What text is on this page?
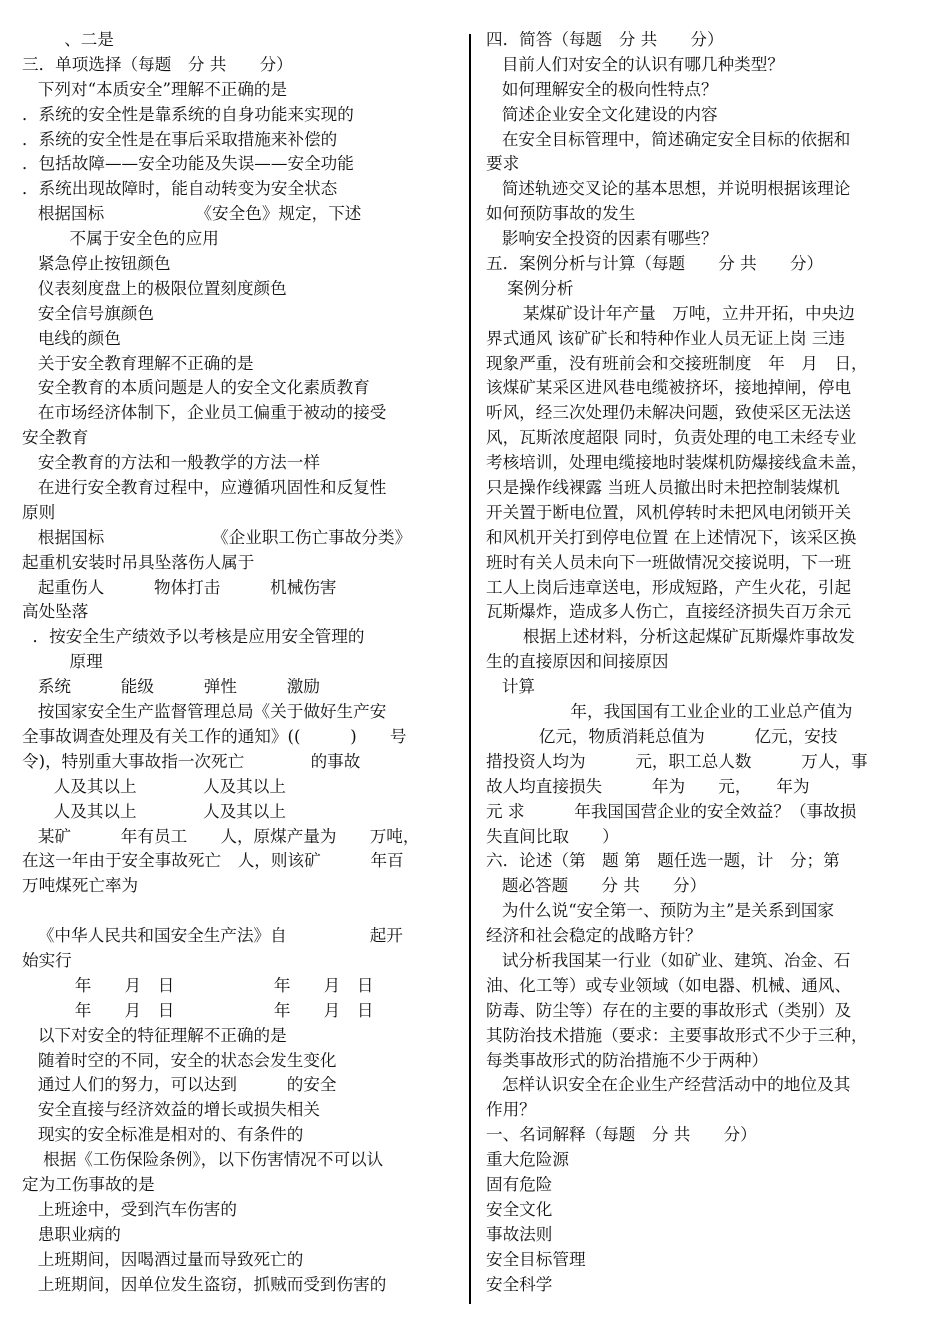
、二是
三．单项选择（每题　分 共　　分）
下列对“本质安全”理解不正确的是
．系统的安全性是靠系统的自身功能来实现的
．系统的安全性是在事后采取措施来补偿的
．包括故障——安全功能及失误——安全功能
．系统出现故障时，能自动转变为安全状态
根据国标　　　　　　《安全色》规定，下述
不属于安全色的应用
紧急停止按钮颜色
仪表刻度盘上的极限位置刻度颜色
安全信号旗颜色
电线的颜色
关于安全教育理解不正确的是
安全教育的本质问题是人的安全文化素质教育
在市场经济体制下，企业员工偏重于被动的接受
安全教育
安全教育的方法和一般教学的方法一样
在进行安全教育过程中，应遵循巩固性和反复性
原则
根据国标　　　　　　　《企业职工伤亡事故分类》
起重机安装时吊具坠落伤人属于
起重伤人　　　物体打击　　　机械伤害
高处坠落
．按安全生产绩效予以考核是应用安全管理的
原理
系统　　　能级　　　弹性　　　激励
按国家安全生产监督管理总局《关于做好生产安
全事故调查处理及有关工作的通知》((　　　)　　号
令)，特别重大事故指一次死亡　　　　的事故
人及其以上　　　　人及其以上
人及其以上　　　　人及其以上
某矿　　　年有员工　　人，原煤产量为　　万吨，
在这一年由于安全事故死亡　人，则该矿　　　年百
万吨煤死亡率为
《中华人民共和国安全生产法》自　　　　　起开
始实行
年　　月　日　　　　　　年　　月　日
年　　月　日　　　　　　年　　月　日
以下对安全的特征理解不正确的是
随着时空的不同，安全的状态会发生变化
通过人们的努力，可以达到　　　的安全
安全直接与经济效益的增长或损失相关
现实的安全标准是相对的、有条件的
根据《工伤保险条例》，以下伤害情况不可以认
定为工伤事故的是
上班途中，受到汽车伤害的
患职业病的
上班期间，因喝酒过量而导致死亡的
上班期间，因单位发生盗窃，抓贼而受到伤害的
四．简答（每题　分 共　　分）
目前人们对安全的认识有哪几种类型？
如何理解安全的极向性特点？
简述企业安全文化建设的内容
在安全目标管理中，简述确定安全目标的依据和
要求
简述轨迹交叉论的基本思想，并说明根据该理论
如何预防事故的发生
影响安全投资的因素有哪些？
五．案例分析与计算（每题　　分 共　　分）
案例分析
某煤矿设计年产量　万吨，立井开拓，中央边
界式通风 该矿矿长和特种作业人员无证上岗 三违
现象严重，没有班前会和交接班制度　年　月　日，
该煤矿某采区进风巷电缆被挤坏，接地掉闸，停电
听风，经三次处理仍未解决问题，致使采区无法送
风，瓦斯浓度超限 同时，负责处理的电工未经专业
考核培训，处理电缆接地时装煤机防爆接线盒未盖，
只是操作线裸露 当班人员撤出时未把控制装煤机
开关置于断电位置，风机停转时未把风电闭锁开关
和风机开关打到停电位置 在上述情况下，该采区换
班时有关人员未向下一班做情况交接说明，下一班
工人上岗后违章送电，形成短路，产生火花，引起
瓦斯爆炸，造成多人伤亡，直接经济损失百万余元
根据上述材料，分析这起煤矿瓦斯爆炸事故发
生的直接原因和间接原因
计算
年，我国国有工业企业的工业总产值为
亿元，物质消耗总值为　　　亿元，安技
措投资人均为　　　元，职工总人数　　　万人，事
故人均直接损失　　　年为　　元，　　年为
元 求　　　年我国国营企业的安全效益？（事故损
失直间比取　　）
六．论述（第　题 第　题任选一题，计　分；第
题必答题　　分 共　　分）
为什么说“安全第一、预防为主”是关系到国家
经济和社会稳定的战略方针？
试分析我国某一行业（如矿业、建筑、冶金、石
油、化工等）或专业领域（如电器、机械、通风、
防毒、防尘等）存在的主要的事故形式（类别）及
其防治技术措施（要求：主要事故形式不少于三种，
每类事故形式的防治措施不少于两种）
怎样认识安全在企业生产经营活动中的地位及其
作用？
一、名词解释（每题　分 共　　分）
重大危险源
固有危险
安全文化
事故法则
安全目标管理
安全科学
